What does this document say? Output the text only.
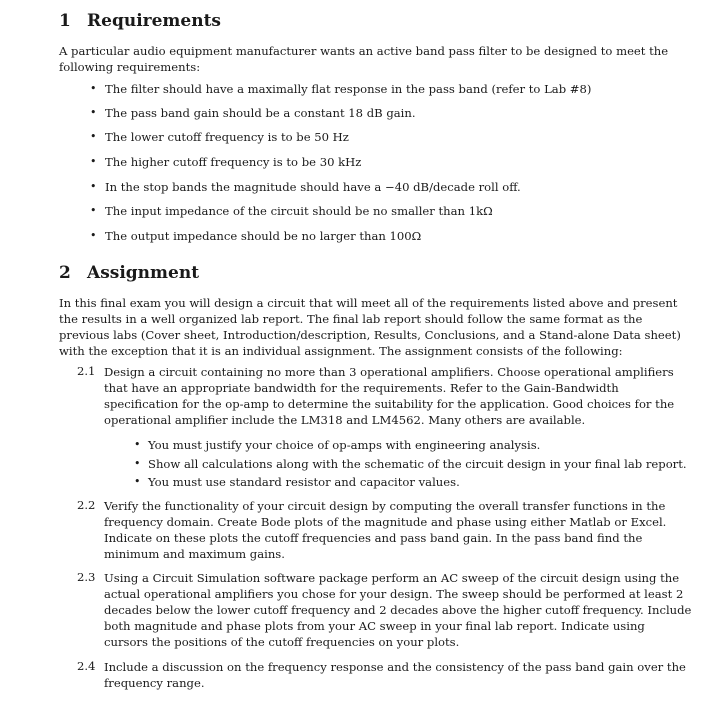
1 Requirements
A particular audio equipment manufacturer wants an active band pass filter to be designed to meet the
following requirements:
• The filter should have a maximally flat response in the pass band (refer to Lab #8)
• The pass band gain should be a constant 18 dB gain.
• The lower cutoff frequency is to be 50 Hz
• The higher cutoff frequency is to be 30 kHz
• In the stop bands the magnitude should have a −40 dB/decade roll off.
• The input impedance of the circuit should be no smaller than 1kΩ
• The output impedance should be no larger than 100Ω
2 Assignment
In this final exam you will design a circuit that will meet all of the requirements listed above and present
the results in a well organized lab report. The final lab report should follow the same format as the
previous labs (Cover sheet, Introduction/description, Results, Conclusions, and a Stand-alone Data sheet)
with the exception that it is an individual assignment. The assignment consists of the following:
2.1 Design a circuit containing no more than 3 operational amplifiers. Choose operational amplifiers
that have an appropriate bandwidth for the requirements. Refer to the Gain-Bandwidth
specification for the op-amp to determine the suitability for the application. Good choices for the
operational amplifier include the LM318 and LM4562. Many others are available.
• You must justify your choice of op-amps with engineering analysis.
• Show all calculations along with the schematic of the circuit design in your final lab report.
• You must use standard resistor and capacitor values.
2.2 Verify the functionality of your circuit design by computing the overall transfer functions in the
frequency domain. Create Bode plots of the magnitude and phase using either Matlab or Excel.
Indicate on these plots the cutoff frequencies and pass band gain. In the pass band find the
minimum and maximum gains.
2.3 Using a Circuit Simulation software package perform an AC sweep of the circuit design using the
actual operational amplifiers you chose for your design. The sweep should be performed at least 2
decades below the lower cutoff frequency and 2 decades above the higher cutoff frequency. Include
both magnitude and phase plots from your AC sweep in your final lab report. Indicate using
cursors the positions of the cutoff frequencies on your plots.
2.4 Include a discussion on the frequency response and the consistency of the pass band gain over the
frequency range.
